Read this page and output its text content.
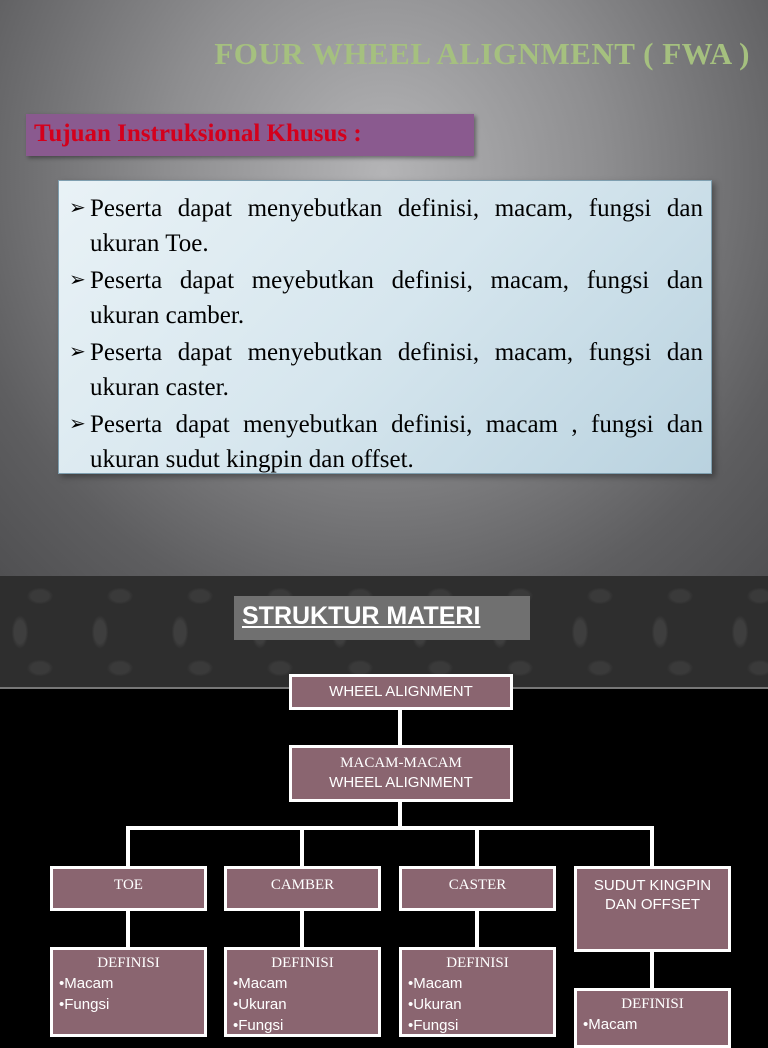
FOUR WHEEL ALIGNMENT ( FWA )
Tujuan Instruksional Khusus :
➢ Peserta dapat menyebutkan definisi, macam, fungsi dan ukuran Toe.
➢ Peserta dapat meyebutkan definisi, macam, fungsi dan ukuran camber.
➢ Peserta dapat menyebutkan definisi, macam, fungsi dan ukuran caster.
➢ Peserta dapat menyebutkan definisi, macam , fungsi dan ukuran sudut kingpin dan offset.
STRUKTUR MATERI
WHEEL ALIGNMENT
MACAM-MACAM
WHEEL ALIGNMENT
TOE	CAMBER	CASTER	SUDUT KINGPIN
DAN OFFSET
DEFINISI
•Macam
•Fungsi
DEFINISI
•Macam
•Ukuran
•Fungsi
DEFINISI
•Macam
•Ukuran
•Fungsi
DEFINISI
•Macam
